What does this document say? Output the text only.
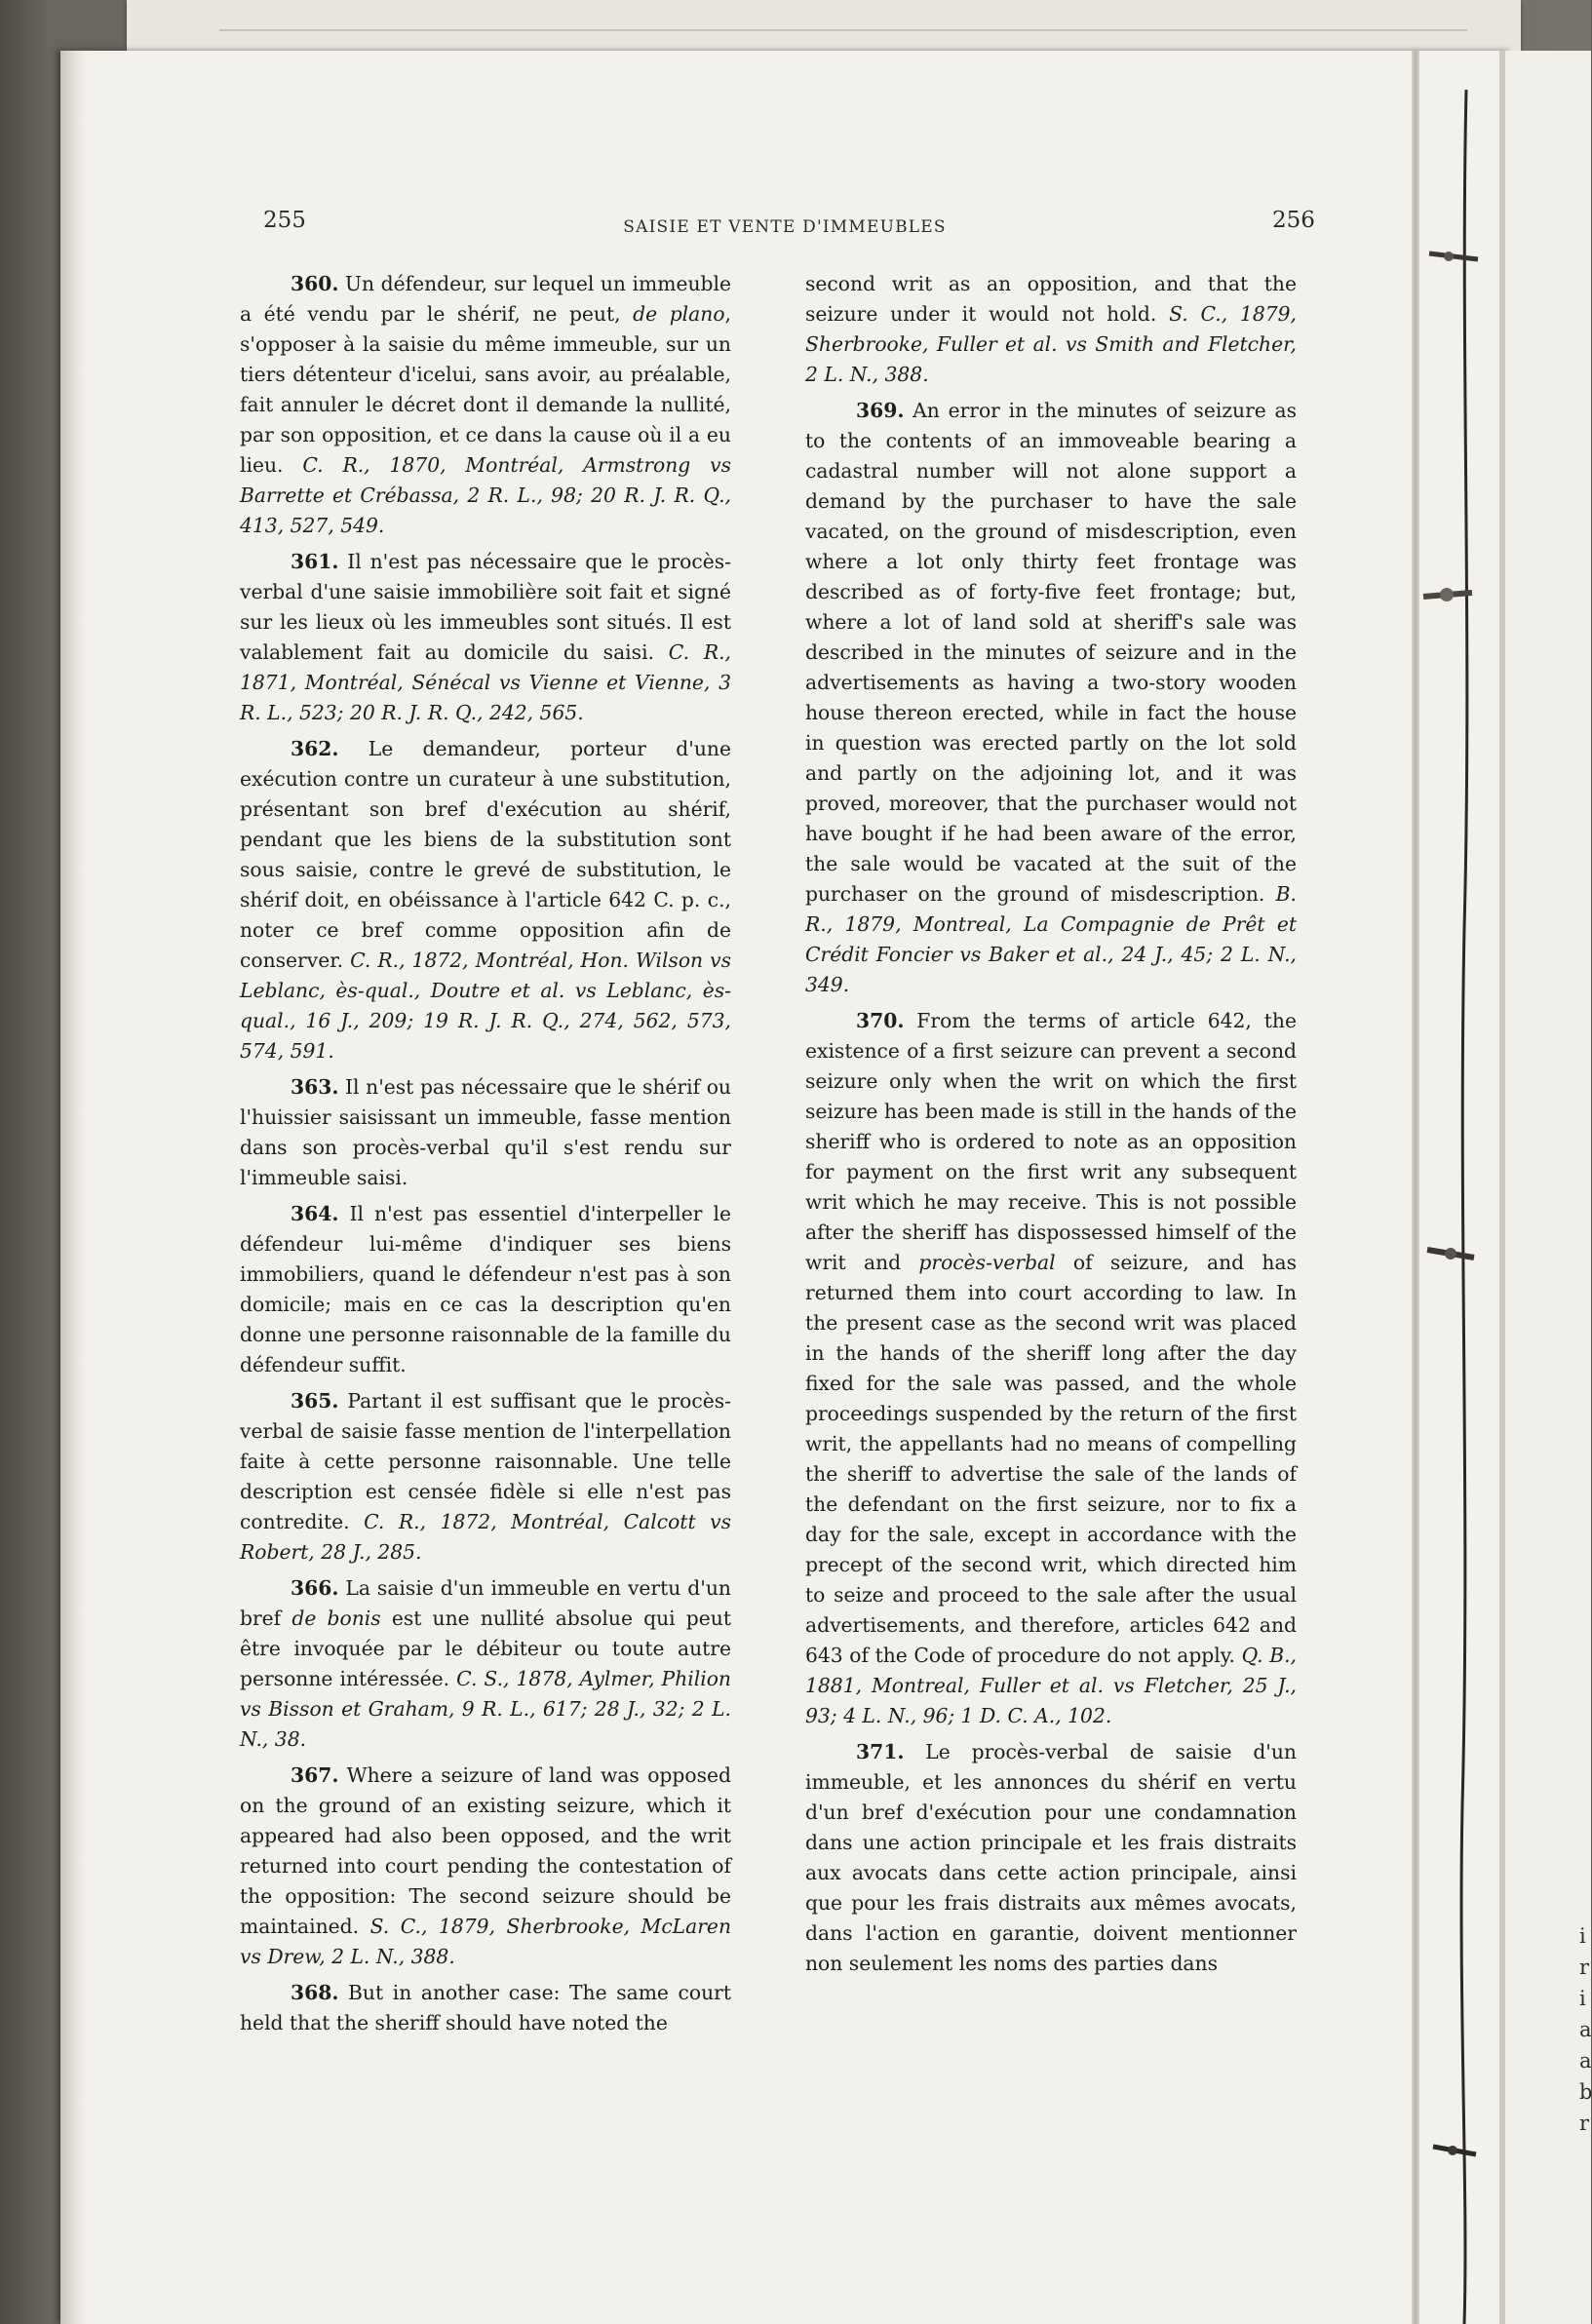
i
r
i
a
a
b
r
255	SAISIE ET VENTE D'IMMEUBLES	256

360. Un défendeur, sur lequel un immeuble a été vendu par le shérif, ne peut, de plano, s'opposer à la saisie du même immeuble, sur un tiers détenteur d'icelui, sans avoir, au préalable, fait annuler le décret dont il demande la nullité, par son opposition, et ce dans la cause où il a eu lieu. C. R., 1870, Montréal, Armstrong vs Barrette et Crébassa, 2 R. L., 98; 20 R. J. R. Q., 413, 527, 549.

361. Il n'est pas nécessaire que le procès-verbal d'une saisie immobilière soit fait et signé sur les lieux où les immeubles sont situés. Il est valablement fait au domicile du saisi. C. R., 1871, Montréal, Sénécal vs Vienne et Vienne, 3 R. L., 523; 20 R. J. R. Q., 242, 565.

362. Le demandeur, porteur d'une exécution contre un curateur à une substitution, présentant son bref d'exécution au shérif, pendant que les biens de la substitution sont sous saisie, contre le grevé de substitution, le shérif doit, en obéissance à l'article 642 C. p. c., noter ce bref comme opposition afin de conserver. C. R., 1872, Montréal, Hon. Wilson vs Leblanc, ès-qual., Doutre et al. vs Leblanc, ès-qual., 16 J., 209; 19 R. J. R. Q., 274, 562, 573, 574, 591.

363. Il n'est pas nécessaire que le shérif ou l'huissier saisissant un immeuble, fasse mention dans son procès-verbal qu'il s'est rendu sur l'immeuble saisi.

364. Il n'est pas essentiel d'interpeller le défendeur lui-même d'indiquer ses biens immobiliers, quand le défendeur n'est pas à son domicile; mais en ce cas la description qu'en donne une personne raisonnable de la famille du défendeur suffit.

365. Partant il est suffisant que le procès-verbal de saisie fasse mention de l'interpellation faite à cette personne raisonnable. Une telle description est censée fidèle si elle n'est pas contredite. C. R., 1872, Montréal, Calcott vs Robert, 28 J., 285.

366. La saisie d'un immeuble en vertu d'un bref de bonis est une nullité absolue qui peut être invoquée par le débiteur ou toute autre personne intéressée. C. S., 1878, Aylmer, Philion vs Bisson et Graham, 9 R. L., 617; 28 J., 32; 2 L. N., 38.

367. Where a seizure of land was opposed on the ground of an existing seizure, which it appeared had also been opposed, and the writ returned into court pending the contestation of the opposition: The second seizure should be maintained. S. C., 1879, Sherbrooke, McLaren vs Drew, 2 L. N., 388.

368. But in another case: The same court held that the sheriff should have noted the

second writ as an opposition, and that the seizure under it would not hold. S. C., 1879, Sherbrooke, Fuller et al. vs Smith and Fletcher, 2 L. N., 388.

369. An error in the minutes of seizure as to the contents of an immoveable bearing a cadastral number will not alone support a demand by the purchaser to have the sale vacated, on the ground of misdescription, even where a lot only thirty feet frontage was described as of forty-five feet frontage; but, where a lot of land sold at sheriff's sale was described in the minutes of seizure and in the advertisements as having a two-story wooden house thereon erected, while in fact the house in question was erected partly on the lot sold and partly on the adjoining lot, and it was proved, moreover, that the purchaser would not have bought if he had been aware of the error, the sale would be vacated at the suit of the purchaser on the ground of misdescription. B. R., 1879, Montreal, La Compagnie de Prêt et Crédit Foncier vs Baker et al., 24 J., 45; 2 L. N., 349.

370. From the terms of article 642, the existence of a first seizure can prevent a second seizure only when the writ on which the first seizure has been made is still in the hands of the sheriff who is ordered to note as an opposition for payment on the first writ any subsequent writ which he may receive. This is not possible after the sheriff has dispossessed himself of the writ and procès-verbal of seizure, and has returned them into court according to law. In the present case as the second writ was placed in the hands of the sheriff long after the day fixed for the sale was passed, and the whole proceedings suspended by the return of the first writ, the appellants had no means of compelling the sheriff to advertise the sale of the lands of the defendant on the first seizure, nor to fix a day for the sale, except in accordance with the precept of the second writ, which directed him to seize and proceed to the sale after the usual advertisements, and therefore, articles 642 and 643 of the Code of procedure do not apply. Q. B., 1881, Montreal, Fuller et al. vs Fletcher, 25 J., 93; 4 L. N., 96; 1 D. C. A., 102.

371. Le procès-verbal de saisie d'un immeuble, et les annonces du shérif en vertu d'un bref d'exécution pour une condamnation dans une action principale et les frais distraits aux avocats dans cette action principale, ainsi que pour les frais distraits aux mêmes avocats, dans l'action en garantie, doivent mentionner non seulement les noms des parties dans
